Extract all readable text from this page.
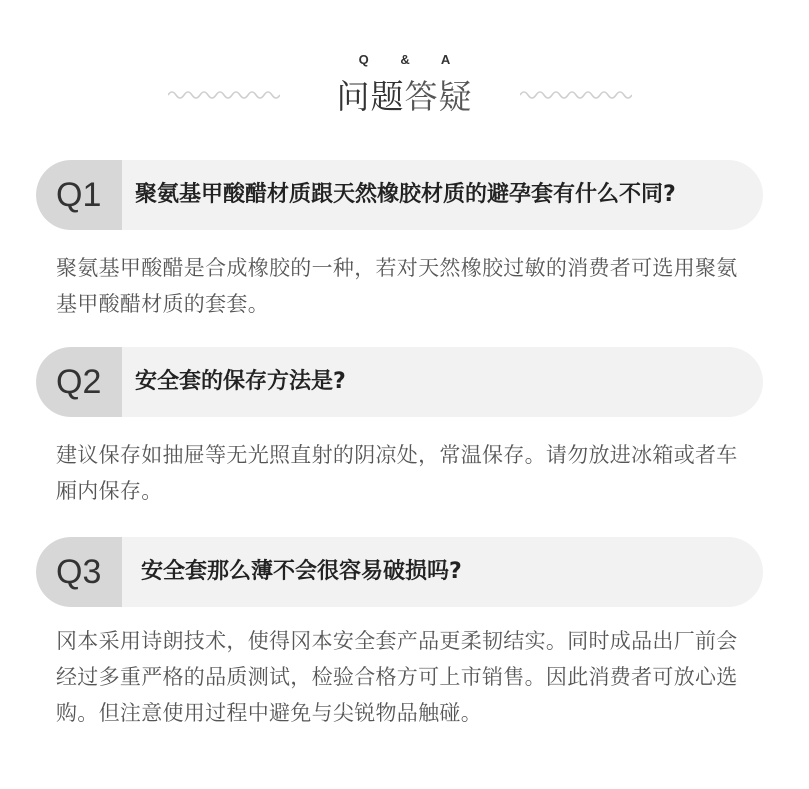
Q & A
问题答疑
Q1 聚氨基甲酸醋材质跟天然橡胶材质的避孕套有什么不同?
聚氨基甲酸醋是合成橡胶的一种，若对天然橡胶过敏的消费者可选用聚氨基甲酸醋材质的套套。
Q2 安全套的保存方法是?
建议保存如抽屉等无光照直射的阴凉处，常温保存。请勿放进冰箱或者车厢内保存。
Q3 安全套那么薄不会很容易破损吗?
冈本采用诗朗技术，使得冈本安全套产品更柔韧结实。同时成品出厂前会经过多重严格的品质测试，检验合格方可上市销售。因此消费者可放心选购。但注意使用过程中避免与尖锐物品触碰。
